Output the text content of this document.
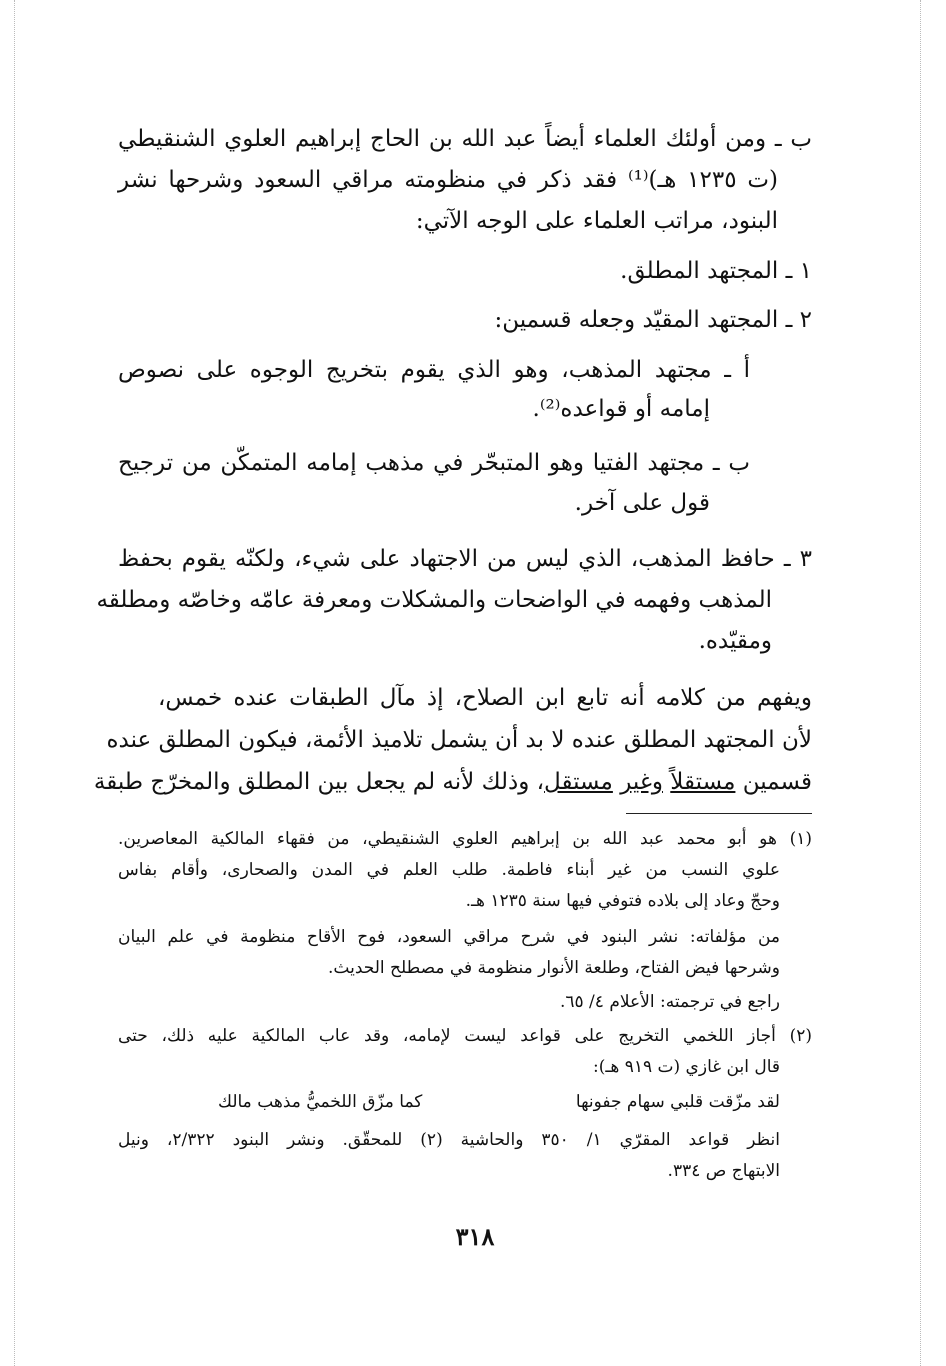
ب ـ ومن أولئك العلماء أيضاً عبد الله بن الحاج إبراهيم العلوي الشنقيطي
(ت ١٢٣٥ هـ)⁽¹⁾ فقد ذكر في منظومته مراقي السعود وشرحها نشر
البنود، مراتب العلماء على الوجه الآتي:
١ ـ المجتهد المطلق.
٢ ـ المجتهد المقيّد وجعله قسمين:
أ ـ مجتهد المذهب، وهو الذي يقوم بتخريج الوجوه على نصوص
إمامه أو قواعده⁽²⁾.
ب ـ مجتهد الفتيا وهو المتبحّر في مذهب إمامه المتمكّن من ترجيح
قول على آخر.
٣ ـ حافظ المذهب، الذي ليس من الاجتهاد على شيء، ولكنّه يقوم بحفظ
المذهب وفهمه في الواضحات والمشكلات ومعرفة عامّه وخاصّه ومطلقه
ومقيّده.
ويفهم من كلامه أنه تابع ابن الصلاح، إذ مآل الطبقات عنده خمس،
لأن المجتهد المطلق عنده لا بد أن يشمل تلاميذ الأئمة، فيكون المطلق عنده
قسمين مستقلاً وغير مستقل، وذلك لأنه لم يجعل بين المطلق والمخرّج طبقة
(١) هو أبو محمد عبد الله بن إبراهيم العلوي الشنقيطي، من فقهاء المالكية المعاصرين.
علوي النسب من غير أبناء فاطمة. طلب العلم في المدن والصحارى، وأقام بفاس
وحجّ وعاد إلى بلاده فتوفي فيها سنة ١٢٣٥ هـ.
من مؤلفاته: نشر البنود في شرح مراقي السعود، فوح الأقاح منظومة في علم البيان
وشرحها فيض الفتاح، وطلعة الأنوار منظومة في مصطلح الحديث.
راجع في ترجمته: الأعلام ٤/ ٦٥.
(٢) أجاز اللخمي التخريج على قواعد ليست لإمامه، وقد عاب المالكية عليه ذلك، حتى
قال ابن غازي (ت ٩١٩ هـ):
لقد مزّقت قلبي سهام جفونها
كما مزّق اللخميُّ مذهب مالك
انظر قواعد المقرّي ١/ ٣٥٠ والحاشية (٢) للمحقّق. ونشر البنود ٢/٣٢٢، ونيل
الابتهاج ص ٣٣٤.
٣١٨
